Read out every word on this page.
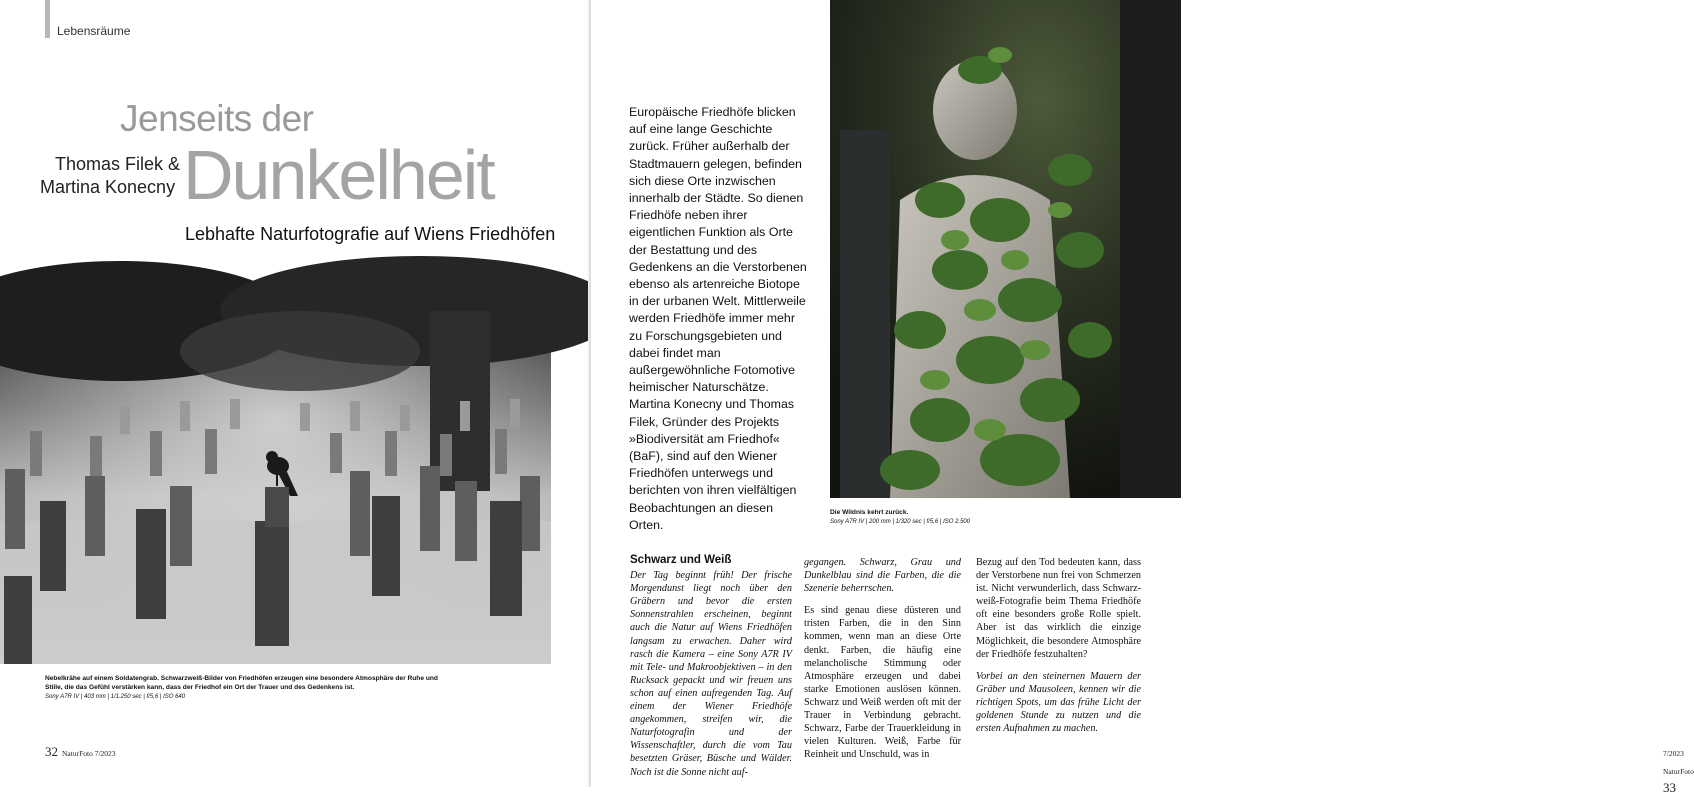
Lebensräume
Jenseits der
Thomas Filek &
Martina Konecny Dunkelheit
Lebhafte Naturfotografie auf Wiens Friedhöfen
Nebelkrähe auf einem Soldatengrab. Schwarzweiß-Bilder von Friedhöfen erzeugen eine besondere Atmosphäre der Ruhe und Stille, die das Gefühl verstärken kann, dass der Friedhof ein Ort der Trauer und des Gedenkens ist.
Sony A7R IV | 403 mm | 1/1.250 sec | f/5,6 | ISO 640
32 NaturFoto 7/2023

Europäische Friedhöfe blicken auf eine lange Geschichte zurück. Früher außerhalb der Stadtmauern gelegen, befinden sich diese Orte inzwischen innerhalb der Städte. So dienen Friedhöfe neben ihrer eigentlichen Funktion als Orte der Bestattung und des Gedenkens an die Verstorbenen ebenso als artenreiche Biotope in der urbanen Welt. Mittlerweile werden Friedhöfe immer mehr zu Forschungsgebieten und dabei findet man außergewöhnliche Fotomotive heimischer Naturschätze. Martina Konecny und Thomas Filek, Gründer des Projekts »Biodiversität am Friedhof« (BaF), sind auf den Wiener Friedhöfen unterwegs und berichten von ihren vielfältigen Beobachtungen an diesen Orten.

Die Wildnis kehrt zurück.
Sony A7R IV | 200 mm | 1/320 sec | f/5,6 | ISO 2.500
7/2023 NaturFoto 33
Schwarz und Weiß

Der Tag beginnt früh! Der frische Morgendunst liegt noch über den Gräbern und bevor die ersten Sonnenstrahlen erscheinen, beginnt auch die Natur auf Wiens Friedhöfen langsam zu erwachen. Daher wird rasch die Kamera – eine Sony A7R IV mit Tele- und Makroobjektiven – in den Rucksack gepackt und wir freuen uns schon auf einen aufregenden Tag. Auf einem der Wiener Friedhöfe angekommen, streifen wir, die Naturfotografin und der Wissenschaftler, durch die vom Tau besetzten Gräser, Büsche und Wälder. Noch ist die Sonne nicht auf-

gegangen. Schwarz, Grau und Dunkelblau sind die Farben, die die Szenerie beherrschen.

Es sind genau diese düsteren und tristen Farben, die in den Sinn kommen, wenn man an diese Orte denkt. Farben, die häufig eine melancholische Stimmung oder Atmosphäre erzeugen und dabei starke Emotionen auslösen können. Schwarz und Weiß werden oft mit der Trauer in Verbindung gebracht. Schwarz, Farbe der Trauerkleidung in vielen Kulturen. Weiß, Farbe für Reinheit und Unschuld, was in

Bezug auf den Tod bedeuten kann, dass der Verstorbene nun frei von Schmerzen ist. Nicht verwunderlich, dass Schwarz-weiß-Fotografie beim Thema Friedhöfe oft eine besonders große Rolle spielt. Aber ist das wirklich die einzige Möglichkeit, die besondere Atmosphäre der Friedhöfe festzuhalten?

Vorbei an den steinernen Mauern der Gräber und Mausoleen, kennen wir die richtigen Spots, um das frühe Licht der goldenen Stunde zu nutzen und die ersten Aufnahmen zu machen.
